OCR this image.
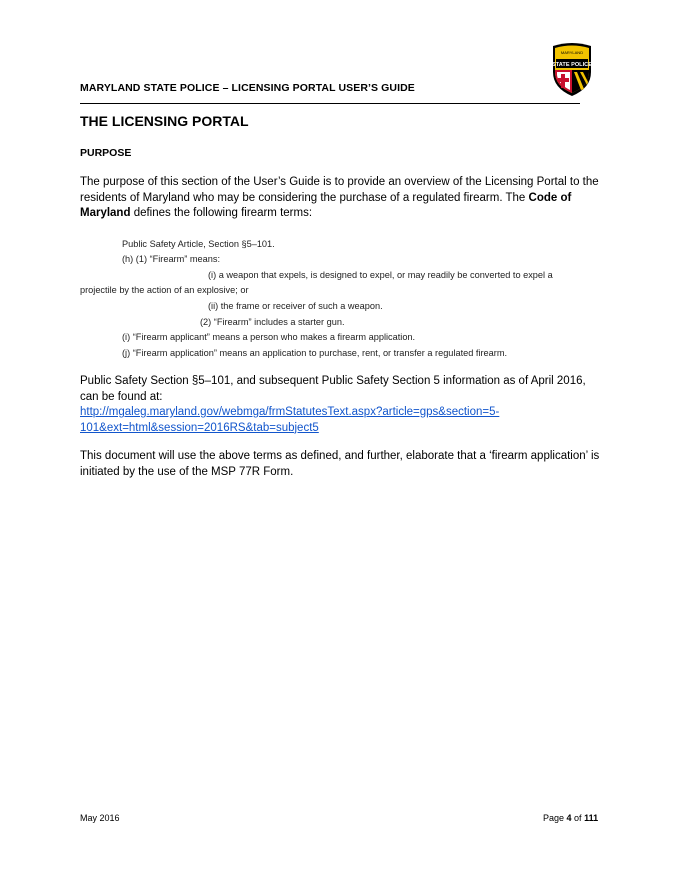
MARYLAND STATE POLICE – LICENSING PORTAL USER’S GUIDE
STATE POLICE
MARYLAND
THE LICENSING PORTAL
PURPOSE
The purpose of this section of the User’s Guide is to provide an overview of the Licensing Portal to the residents of Maryland who may be considering the purchase of a regulated firearm. The Code of Maryland defines the following firearm terms:
Public Safety Article, Section §5–101.
(h) (1) “Firearm” means:
(i) a weapon that expels, is designed to expel, or may readily be converted to expel a
projectile by the action of an explosive; or
(ii) the frame or receiver of such a weapon.
(2) “Firearm” includes a starter gun.
(i) “Firearm applicant” means a person who makes a firearm application.
(j) “Firearm application” means an application to purchase, rent, or transfer a regulated firearm.
Public Safety Section §5–101, and subsequent Public Safety Section 5 information as of April 2016, can be found at:
http://mgaleg.maryland.gov/webmga/frmStatutesText.aspx?article=gps&section=5-
101&ext=html&session=2016RS&tab=subject5
This document will use the above terms as defined, and further, elaborate that a ‘firearm application’ is initiated by the use of the MSP 77R Form.
May 2016	Page 4 of 111
